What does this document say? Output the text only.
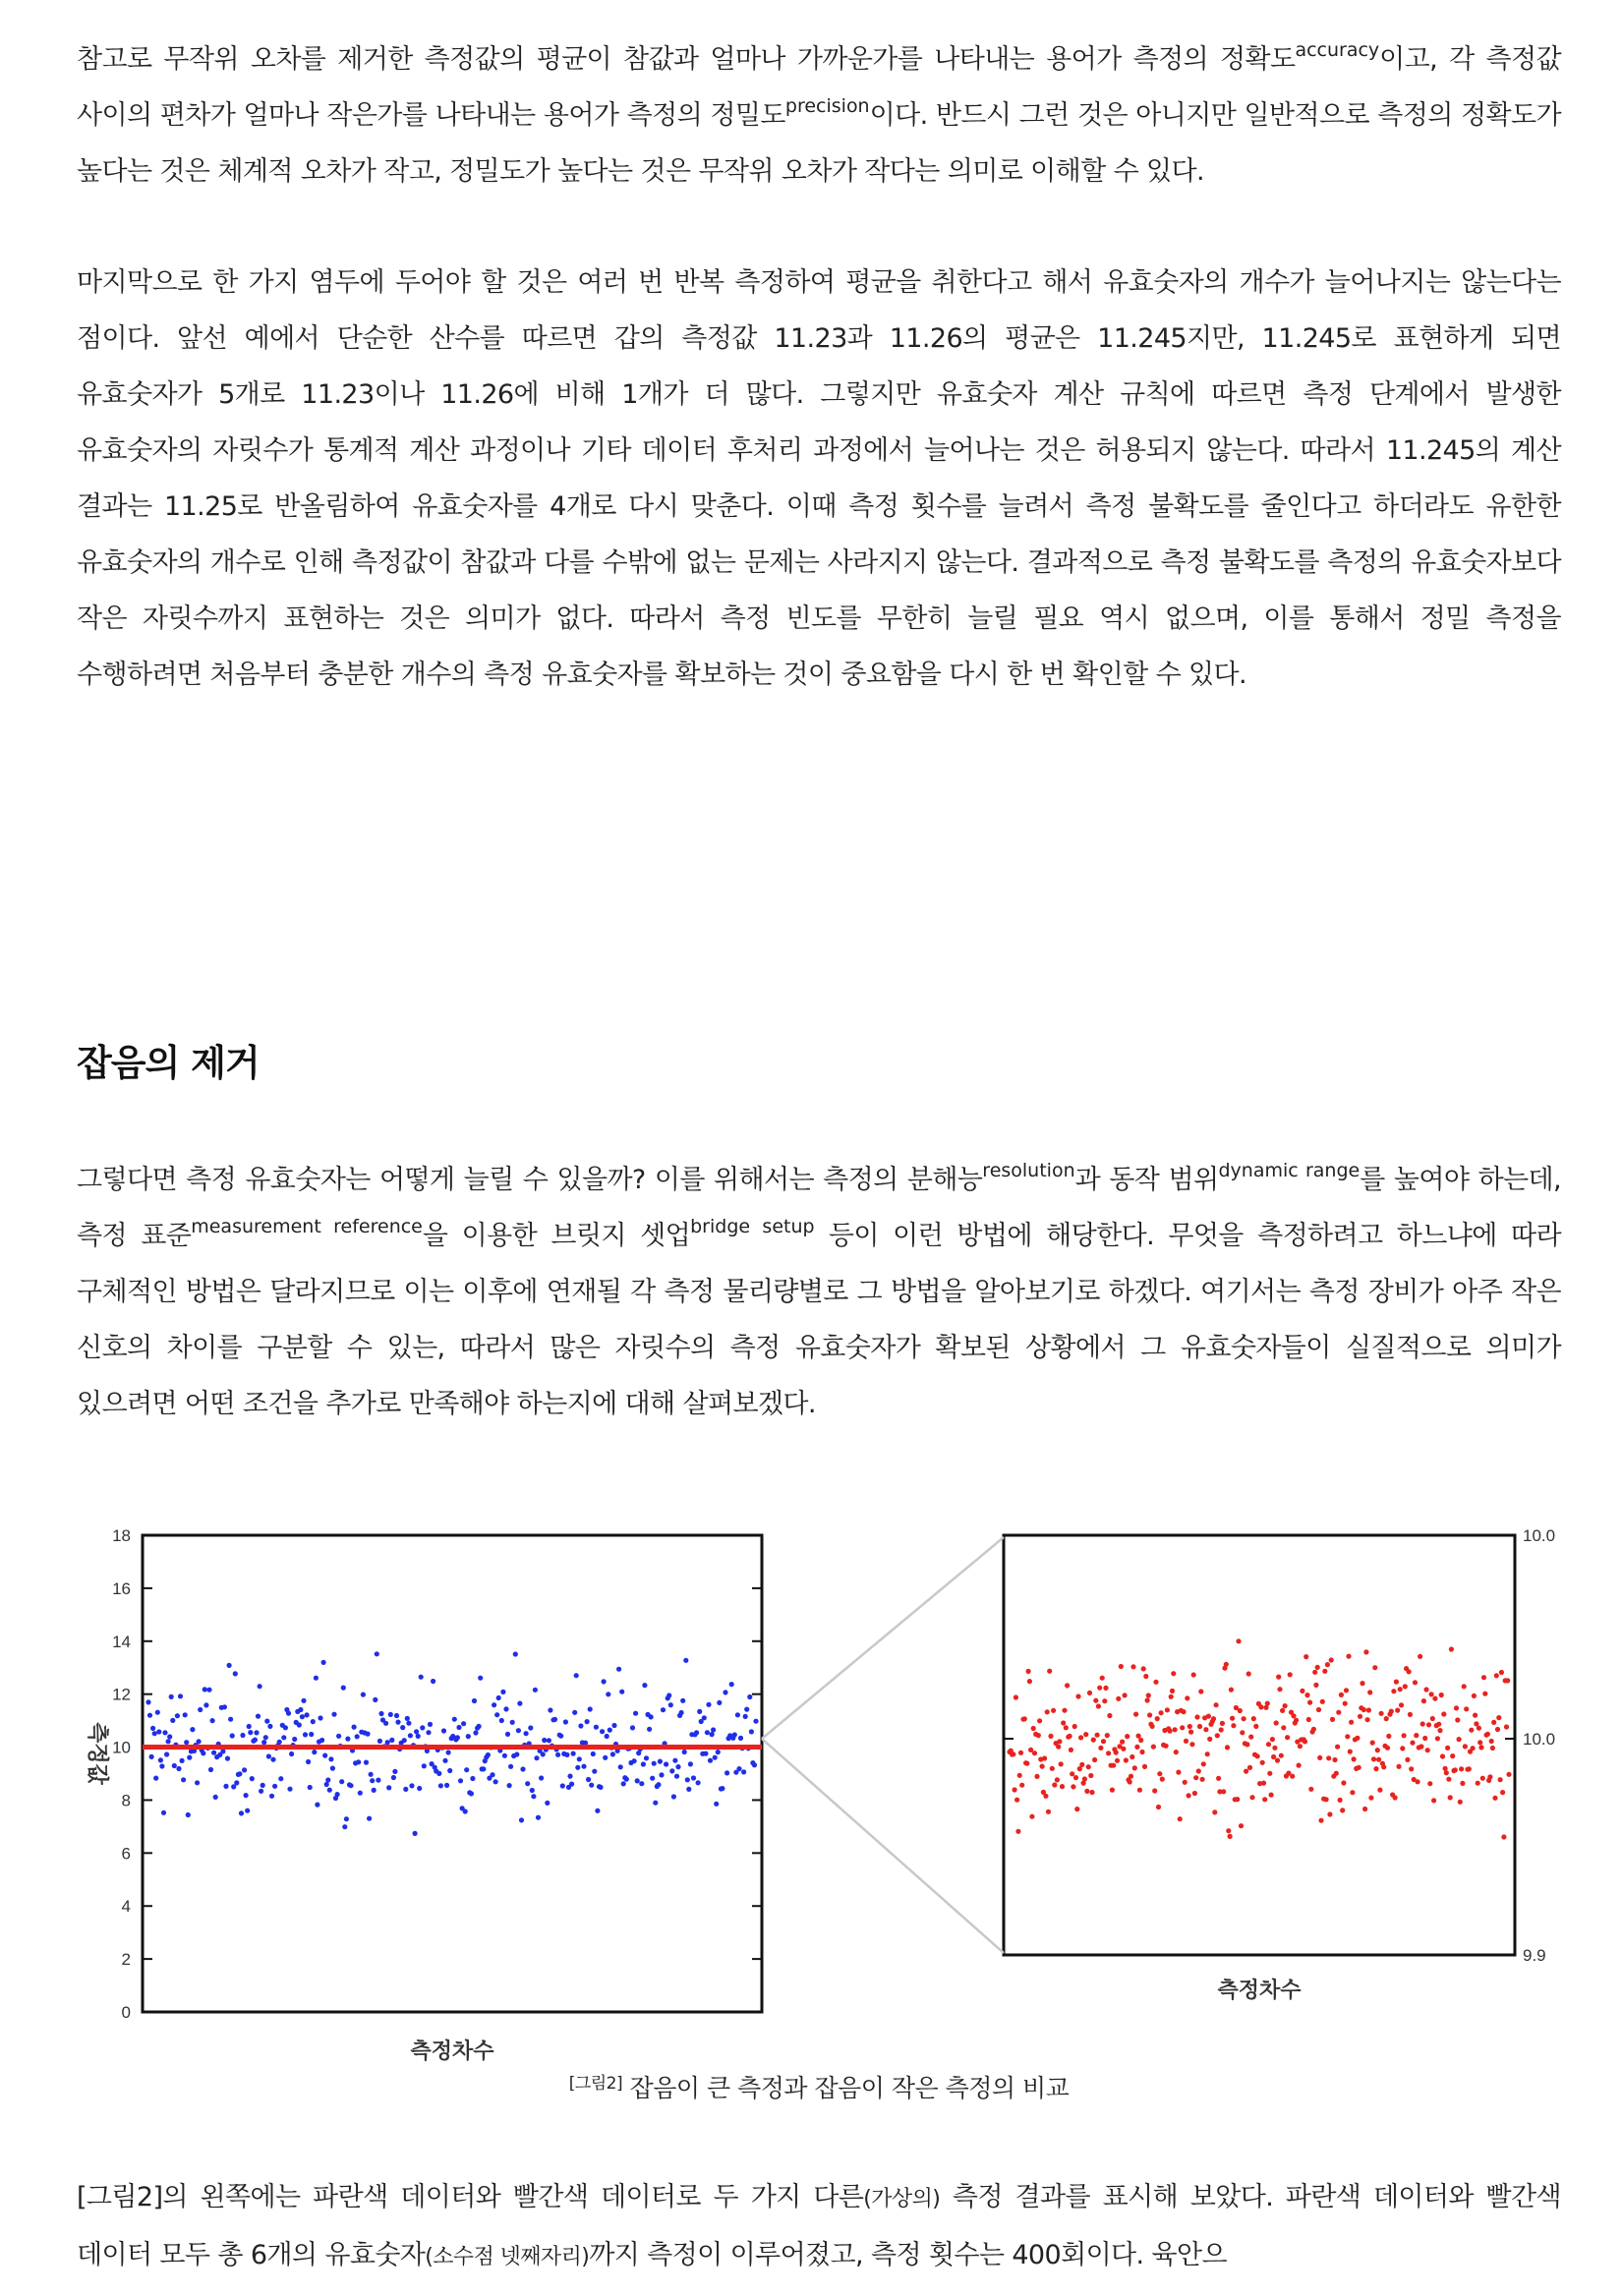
참고로 무작위 오차를 제거한 측정값의 평균이 참값과 얼마나 가까운가를 나타내는 용어가 측정의 정확도$^{accuracy}$이고, 각 측정값 사이의 편차가 얼마나 작은가를 나타내는 용어가 측정의 정밀도$^{precision}$이다. 반드시 그런 것은 아니지만 일반적으로 측정의 정확도가 높다는 것은 체계적 오차가 작고, 정밀도가 높다는 것은 무작위 오차가 작다는 의미로 이해할 수 있다.

마지막으로 한 가지 염두에 두어야 할 것은 여러 번 반복 측정하여 평균을 취한다고 해서 유효숫자의 개수가 늘어나지는 않는다는 점이다. 앞선 예에서 단순한 산수를 따르면 갑의 측정값 11.23과 11.26의 평균은 11.245지만, 11.245로 표현하게 되면 유효숫자가 5개로 11.23이나 11.26에 비해 1개가 더 많다. 그렇지만 유효숫자 계산 규칙에 따르면 측정 단계에서 발생한 유효숫자의 자릿수가 통계적 계산 과정이나 기타 데이터 후처리 과정에서 늘어나는 것은 허용되지 않는다. 따라서 11.245의 계산 결과는 11.25로 반올림하여 유효숫자를 4개로 다시 맞춘다. 이때 측정 횟수를 늘려서 측정 불확도를 줄인다고 하더라도 유한한 유효숫자의 개수로 인해 측정값이 참값과 다를 수밖에 없는 문제는 사라지지 않는다. 결과적으로 측정 불확도를 측정의 유효숫자보다 작은 자릿수까지 표현하는 것은 의미가 없다. 따라서 측정 빈도를 무한히 늘릴 필요 역시 없으며, 이를 통해서 정밀 측정을 수행하려면 처음부터 충분한 개수의 측정 유효숫자를 확보하는 것이 중요함을 다시 한 번 확인할 수 있다.

잡음의 제거

그렇다면 측정 유효숫자는 어떻게 늘릴 수 있을까? 이를 위해서는 측정의 분해능$^{resolution}$과 동작 범위$^{dynamic range}$를 높여야 하는데, 측정 표준$^{measurement reference}$을 이용한 브릿지 셋업$^{bridge setup}$ 등이 이런 방법에 해당한다. 무엇을 측정하려고 하느냐에 따라 구체적인 방법은 달라지므로 이는 이후에 연재될 각 측정 물리량별로 그 방법을 알아보기로 하겠다. 여기서는 측정 장비가 아주 작은 신호의 차이를 구분할 수 있는, 따라서 많은 자릿수의 측정 유효숫자가 확보된 상황에서 그 유효숫자들이 실질적으로 의미가 있으려면 어떤 조건을 추가로 만족해야 하는지에 대해 살펴보겠다.

0
2
4
6
8
10
12
14
16
18	10.0
10.0
9.9
측정값
측정차수
측정차수
[그림2] 잡음이 큰 측정과 잡음이 작은 측정의 비교

[그림2]의 왼쪽에는 파란색 데이터와 빨간색 데이터로 두 가지 다른(가상의) 측정 결과를 표시해 보았다. 파란색 데이터와 빨간색 데이터 모두 총 6개의 유효숫자(소수점 넷째자리)까지 측정이 이루어졌고, 측정 횟수는 400회이다. 육안으
